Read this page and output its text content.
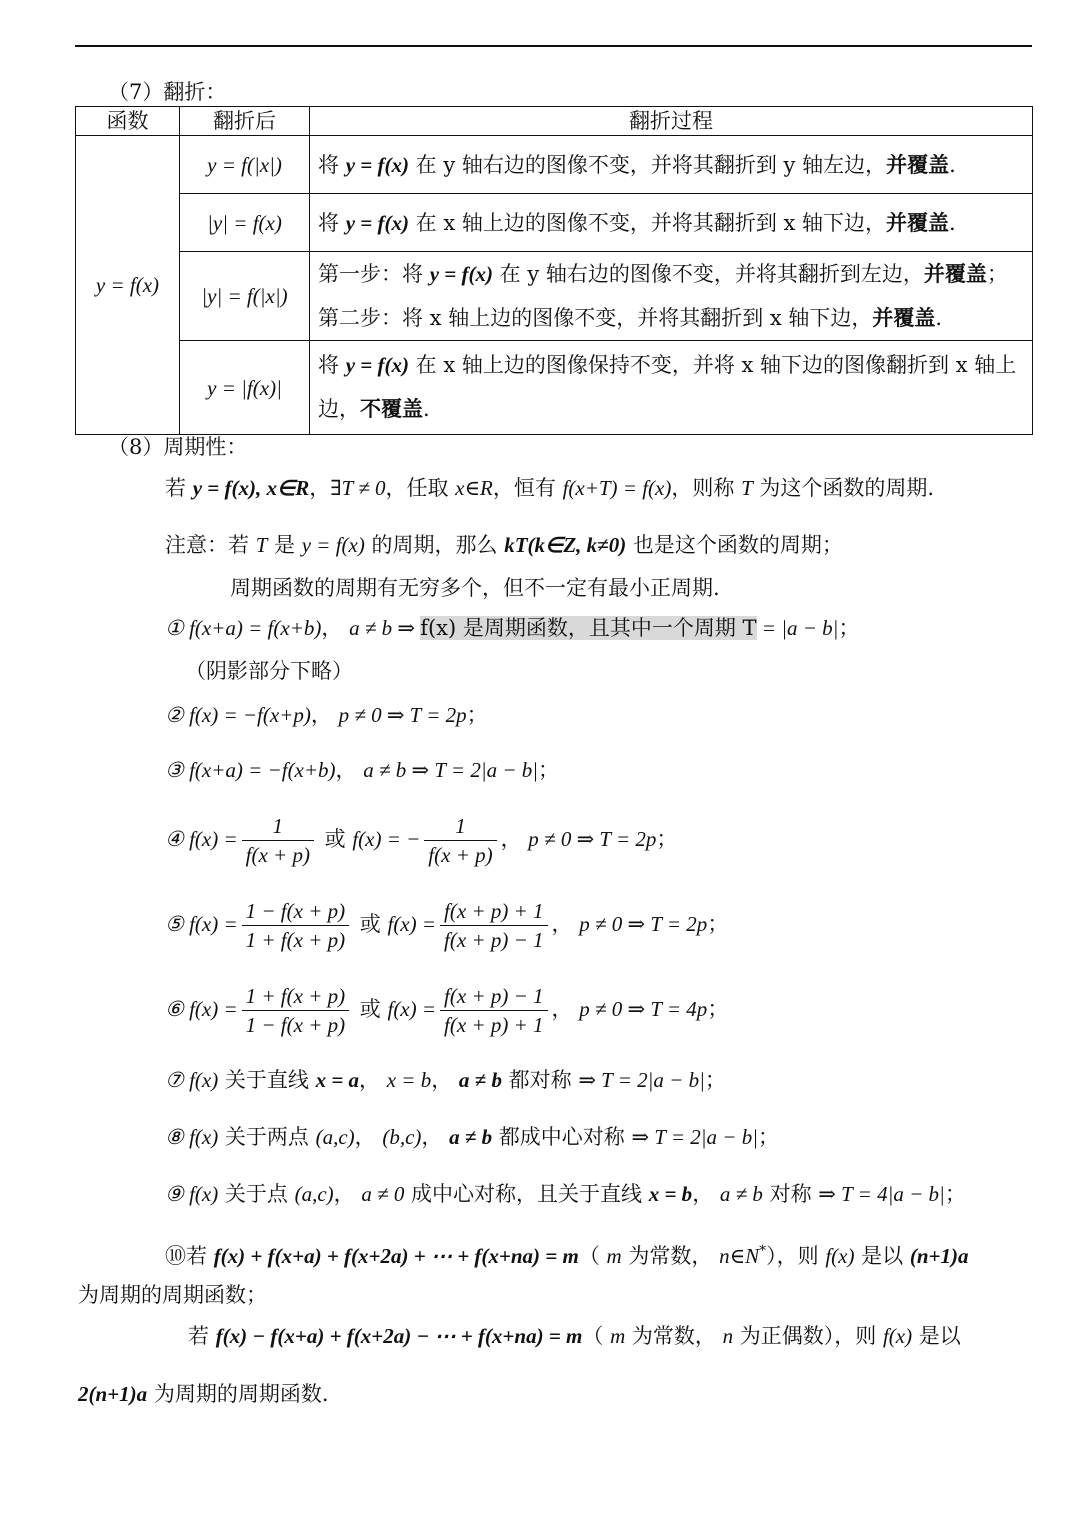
（7）翻折：
函数	翻折后	翻折过程
y = f(x)	y = f(|x|)	将 y = f(x) 在 y 轴右边的图像不变，并将其翻折到 y 轴左边，并覆盖.
	|y| = f(x)	将 y = f(x) 在 x 轴上边的图像不变，并将其翻折到 x 轴下边，并覆盖.
	|y| = f(|x|)	第一步：将 y = f(x) 在 y 轴右边的图像不变，并将其翻折到左边，并覆盖；
第二步：将 x 轴上边的图像不变，并将其翻折到 x 轴下边，并覆盖.

	y = |f(x)|	将 y = f(x) 在 x 轴上边的图像保持不变，并将 x 轴下边的图像翻折到 x 轴上
边，不覆盖.
（8）周期性：
若 y = f(x), x∈R，∃T ≠ 0，任取 x∈R，恒有 f(x+T) = f(x)，则称 T 为这个函数的周期.
注意：若 T 是 y = f(x) 的周期，那么 kT(k∈Z, k≠0) 也是这个函数的周期；
周期函数的周期有无穷多个，但不一定有最小正周期.
① f(x+a) = f(x+b)， a ≠ b ⇒ f(x) 是周期函数，且其中一个周期 T = |a − b|；
（阴影部分下略）
② f(x) = −f(x+p)， p ≠ 0 ⇒ T = 2p；
③ f(x+a) = −f(x+b)， a ≠ b ⇒ T = 2|a − b|；
④ $f(x) = \frac{1}{f(x + p)}$ 或 f(x) = − $\frac{1}{f(x + p)}$ ， p ≠ 0 ⇒ T = 2p；
⑤ $f(x) = \frac{1 - f(x + p)}{1 + f(x + p)}$ 或 $f(x) = \frac{f(x + p) + 1}{f(x + p) - 1}$ ， p ≠ 0 ⇒ T = 2p；
⑥ $f(x) = \frac{1 + f(x + p)}{1 - f(x + p)}$ 或 $f(x) = \frac{f(x + p) - 1}{f(x + p) + 1}$ ， p ≠ 0 ⇒ T = 4p；
⑦ f(x) 关于直线 x = a， x = b， a ≠ b 都对称 ⇒ T = 2|a − b|；
⑧ f(x) 关于两点 (a,c)， (b,c)， a ≠ b 都成中心对称 ⇒ T = 2|a − b|；
⑨ f(x) 关于点 (a,c)， a ≠ 0 成中心对称，且关于直线 x = b， a ≠ b 对称 ⇒ T = 4|a − b|；
⑩若 f(x) + f(x+a) + f(x+2a) + ⋯ + f(x+na) = m（ m 为常数， n∈N*），则 f(x) 是以 (n+1)a
为周期的周期函数；
若 f(x) − f(x+a) + f(x+2a) − ⋯ + f(x+na) = m（ m 为常数， n 为正偶数），则 f(x) 是以
2(n+1)a 为周期的周期函数.
